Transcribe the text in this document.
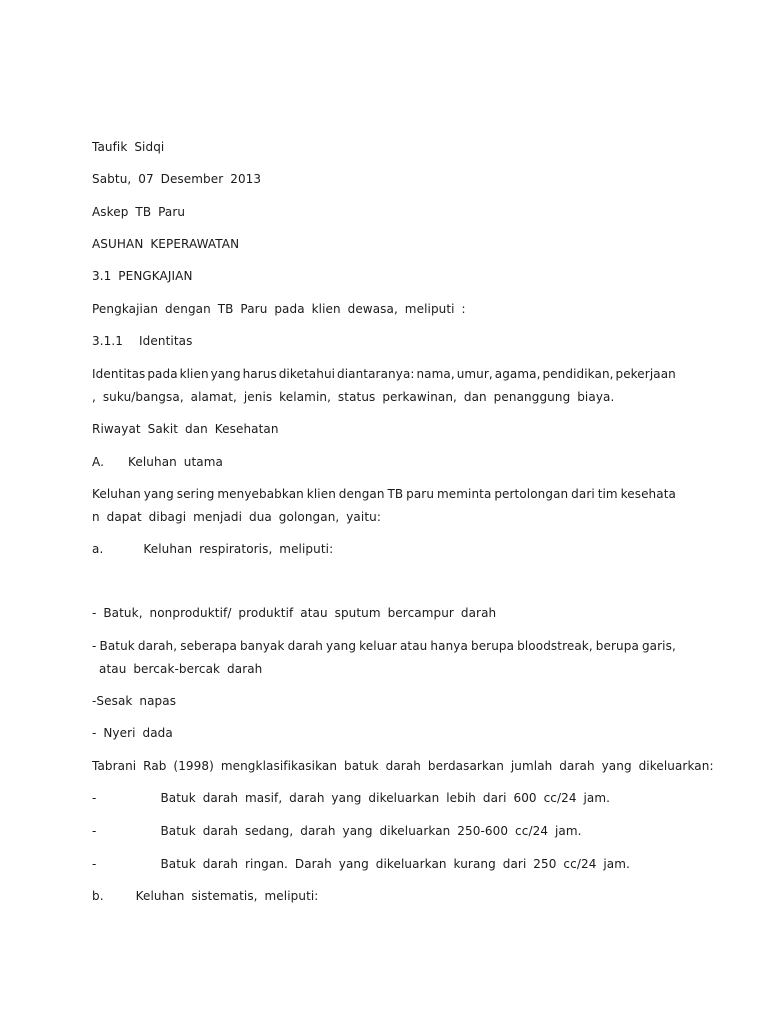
Taufik Sidqi
Sabtu, 07 Desember 2013
Askep TB Paru
ASUHAN KEPERAWATAN
3.1 PENGKAJIAN
Pengkajian dengan TB Paru pada klien dewasa, meliputi :
3.1.1 Identitas
Identitas pada klien yang harus diketahui diantaranya: nama, umur, agama, pendidikan, pekerjaan
, suku/bangsa, alamat, jenis kelamin, status perkawinan, dan penanggung biaya.
Riwayat Sakit dan Kesehatan
A. Keluhan utama
Keluhan yang sering menyebabkan klien dengan TB paru meminta pertolongan dari tim kesehata
n dapat dibagi menjadi dua golongan, yaitu:
a.	Keluhan respiratoris, meliputi:
- Batuk, nonproduktif/ produktif atau sputum bercampur darah
- Batuk darah, seberapa banyak darah yang keluar atau hanya berupa bloodstreak, berupa garis,
atau bercak-bercak darah
-Sesak napas
- Nyeri dada
Tabrani Rab (1998) mengklasifikasikan batuk darah berdasarkan jumlah darah yang dikeluarkan:
-	Batuk darah masif, darah yang dikeluarkan lebih dari 600 cc/24 jam.
-	Batuk darah sedang, darah yang dikeluarkan 250-600 cc/24 jam.
-	Batuk darah ringan. Darah yang dikeluarkan kurang dari 250 cc/24 jam.
b.	Keluhan sistematis, meliputi:
